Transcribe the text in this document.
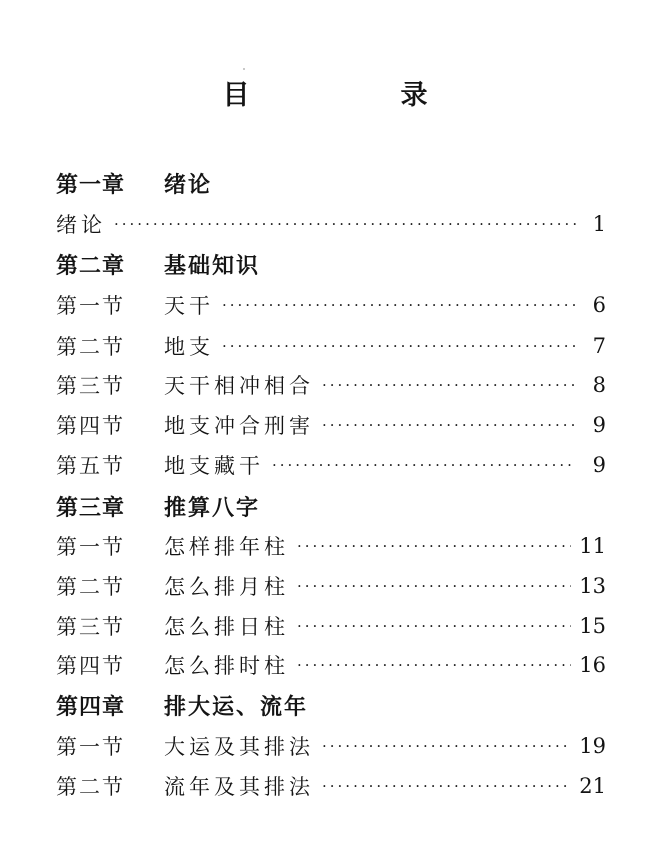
目　录
第一章	绪论
绪论 ·····	1
第二章	基础知识
第一节	天干 ·····	6
第二节	地支 ·····	7
第三节	天干相冲相合 ·····	8
第四节	地支冲合刑害 ·····	9
第五节	地支藏干 ·····	9
第三章	推算八字
第一节	怎样排年柱 ·····	11
第二节	怎么排月柱 ·····	13
第三节	怎么排日柱 ·····	15
第四节	怎么排时柱 ·····	16
第四章	排大运、流年
第一节	大运及其排法 ·····	19
第二节	流年及其排法 ·····	21
